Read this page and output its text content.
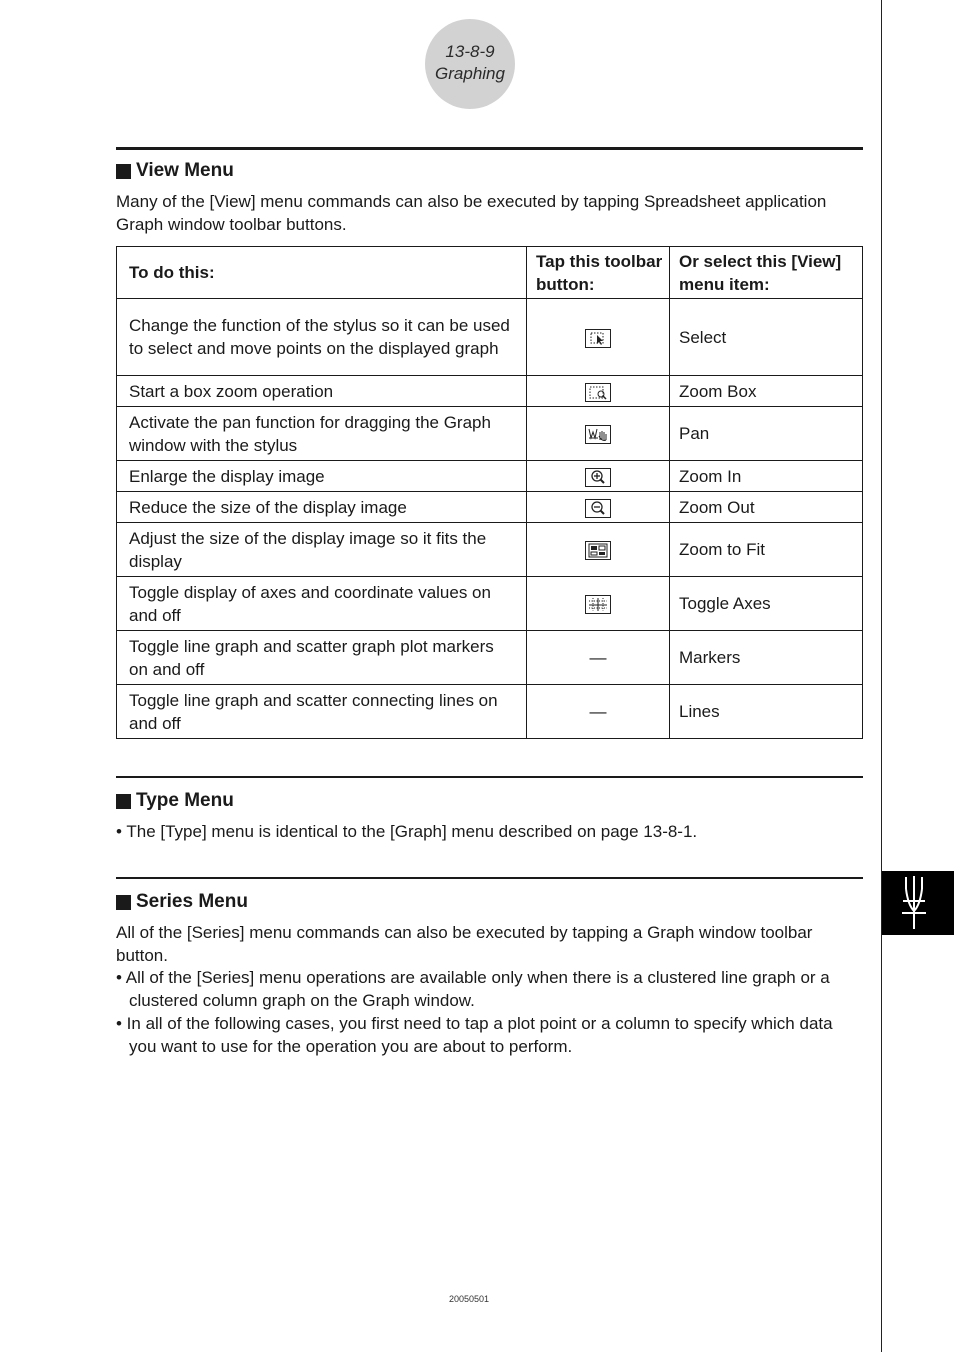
13-8-9
Graphing
View Menu
Many of the [View] menu commands can also be executed by tapping Spreadsheet application Graph window toolbar buttons.
To do this:	Tap this toolbar button:	Or select this [View] menu item:
Change the function of the stylus so it can be used to select and move points on the displayed graph		Select
Start a box zoom operation		Zoom Box
Activate the pan function for dragging the Graph window with the stylus		Pan
Enlarge the display image		Zoom In
Reduce the size of the display image		Zoom Out
Adjust the size of the display image so it fits the display		Zoom to Fit
Toggle display of axes and coordinate values on and off		Toggle Axes
Toggle line graph and scatter graph plot markers on and off	—	Markers
Toggle line graph and scatter connecting lines on and off	—	Lines
Type Menu
• The [Type] menu is identical to the [Graph] menu described on page 13-8-1.
Series Menu
All of the [Series] menu commands can also be executed by tapping a Graph window toolbar button.
• All of the [Series] menu operations are available only when there is a clustered line graph or a clustered column graph on the Graph window.
• In all of the following cases, you first need to tap a plot point or a column to specify which data you want to use for the operation you are about to perform.
20050501
